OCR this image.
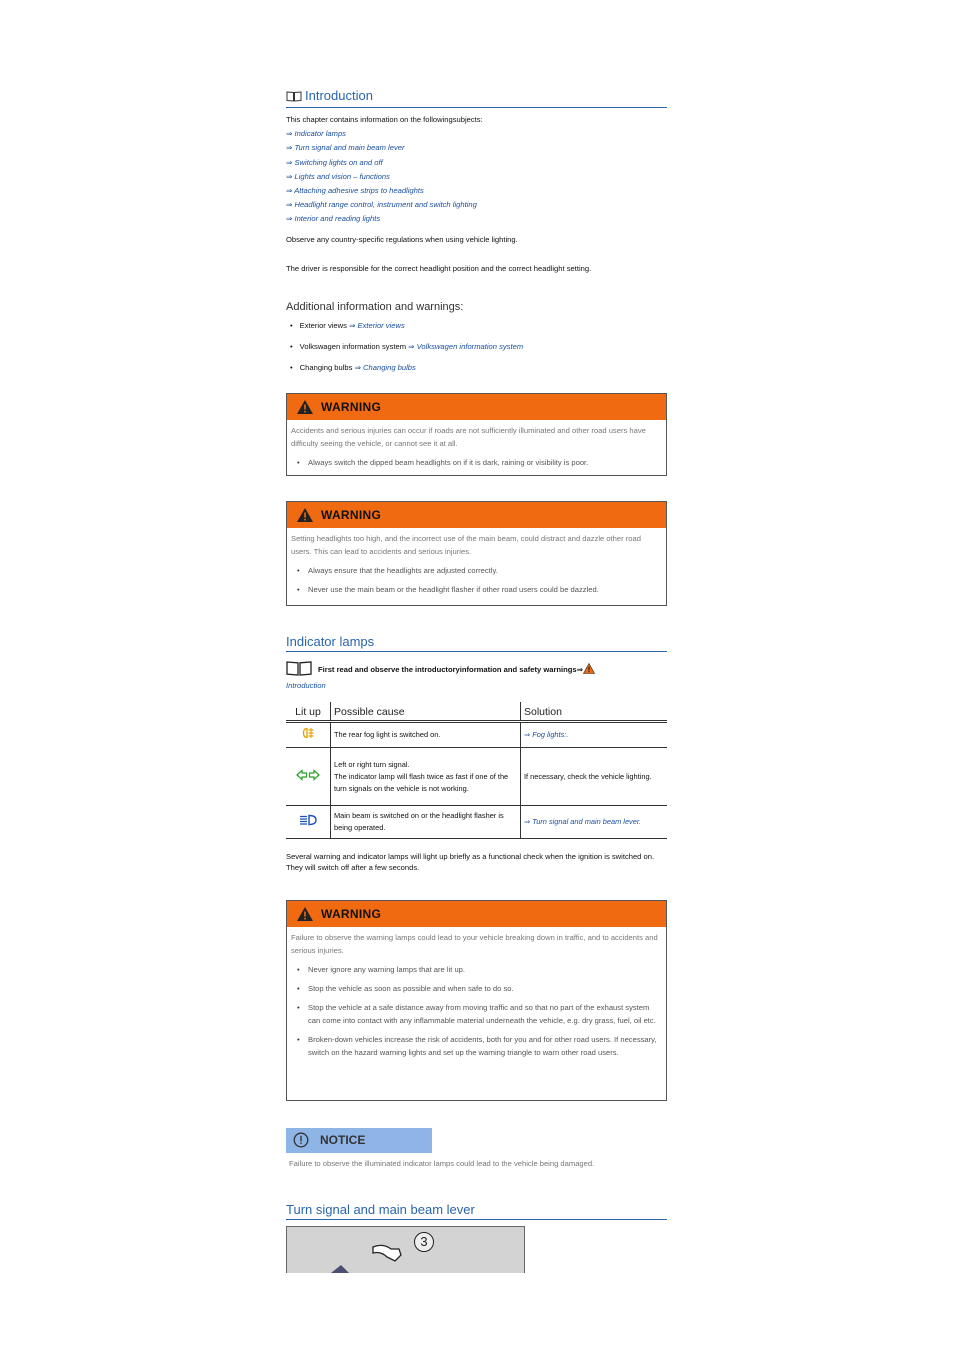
Introduction
This chapter contains information on the followingsubjects:
⇒ Indicator lamps
⇒ Turn signal and main beam lever
⇒ Switching lights on and off
⇒ Lights and vision – functions
⇒ Attaching adhesive strips to headlights
⇒ Headlight range control, instrument and switch lighting
⇒ Interior and reading lights
Observe any country-specific regulations when using vehicle lighting.
The driver is responsible for the correct headlight position and the correct headlight setting.
Additional information and warnings:
• Exterior views ⇒ Exterior views
• Volkswagen information system ⇒ Volkswagen information system
• Changing bulbs ⇒ Changing bulbs
WARNING
Accidents and serious injuries can occur if roads are not sufficiently illuminated and other road users have difficulty seeing the vehicle, or cannot see it at all.
• Always switch the dipped beam headlights on if it is dark, raining or visibility is poor.
WARNING
Setting headlights too high, and the incorrect use of the main beam, could distract and dazzle other road users. This can lead to accidents and serious injuries.
• Always ensure that the headlights are adjusted correctly.
• Never use the main beam or the headlight flasher if other road users could be dazzled.
Indicator lamps
First read and observe the introductoryinformation and safety warnings⇒
Introduction
Lit up	Possible cause	Solution
	The rear fog light is switched on.	⇒ Fog lights:.
	Left or right turn signal.
The indicator lamp will flash twice as fast if one of the turn signals on the vehicle is not working.	If necessary, check the vehicle lighting.
	Main beam is switched on or the headlight flasher is being operated.	⇒ Turn signal and main beam lever.
Several warning and indicator lamps will light up briefly as a functional check when the ignition is switched on. They will switch off after a few seconds.
WARNING
Failure to observe the warning lamps could lead to your vehicle breaking down in traffic, and to accidents and serious injuries.
• Never ignore any warning lamps that are lit up.
• Stop the vehicle as soon as possible and when safe to do so.
• Stop the vehicle at a safe distance away from moving traffic and so that no part of the exhaust system can come into contact with any inflammable material underneath the vehicle, e.g. dry grass, fuel, oil etc.
• Broken-down vehicles increase the risk of accidents, both for you and for other road users. If necessary, switch on the hazard warning lights and set up the warning triangle to warn other road users.
NOTICE
Failure to observe the illuminated indicator lamps could lead to the vehicle being damaged.
Turn signal and main beam lever
3
